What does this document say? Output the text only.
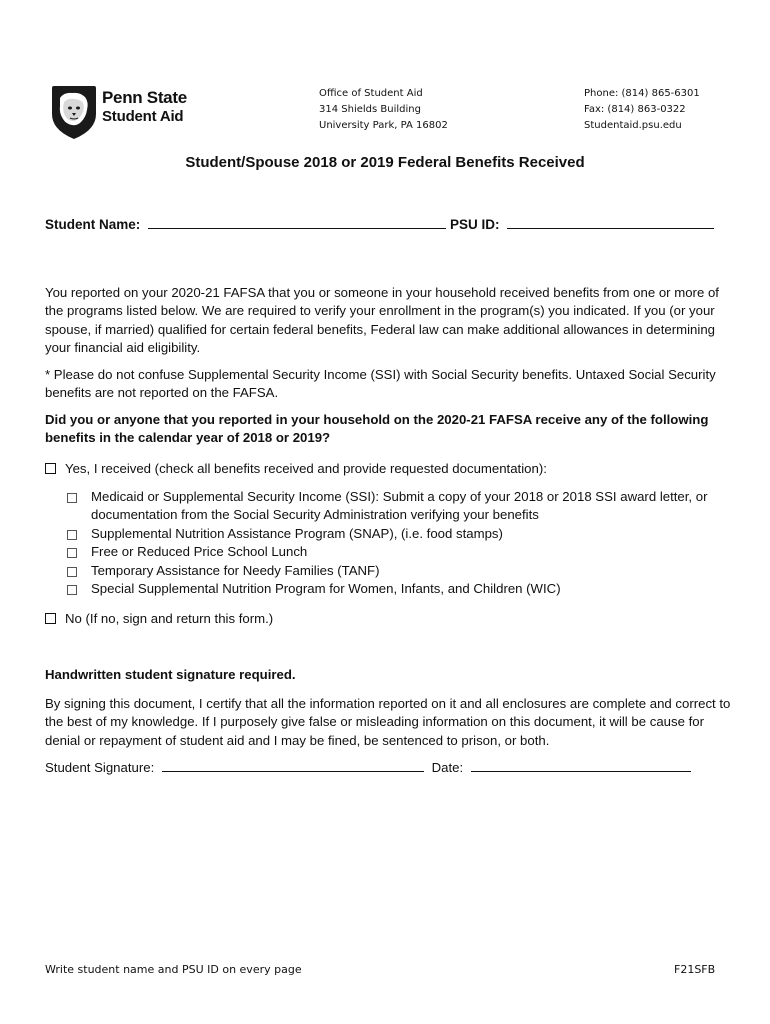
Penn State
Student Aid
Office of Student Aid
314 Shields Building
University Park, PA 16802
Phone: (814) 865-6301
Fax: (814) 863-0322
Studentaid.psu.edu
Student/Spouse 2018 or 2019 Federal Benefits Received
Student Name:	PSU ID:

You reported on your 2020-21 FAFSA that you or someone in your household received benefits from one or more of the programs listed below. We are required to verify your enrollment in the program(s) you indicated. If you (or your spouse, if married) qualified for certain federal benefits, Federal law can make additional allowances in determining your financial aid eligibility.

* Please do not confuse Supplemental Security Income (SSI) with Social Security benefits. Untaxed Social Security benefits are not reported on the FAFSA.

Did you or anyone that you reported in your household on the 2020-21 FAFSA receive any of the following benefits in the calendar year of 2018 or 2019?

Yes, I received (check all benefits received and provide requested documentation):
Medicaid or Supplemental Security Income (SSI): Submit a copy of your 2018 or 2018 SSI award letter, or documentation from the Social Security Administration verifying your benefits
Supplemental Nutrition Assistance Program (SNAP), (i.e. food stamps)
Free or Reduced Price School Lunch
Temporary Assistance for Needy Families (TANF)
Special Supplemental Nutrition Program for Women, Infants, and Children (WIC)
No (If no, sign and return this form.)
Handwritten student signature required.

By signing this document, I certify that all the information reported on it and all enclosures are complete and correct to the best of my knowledge. If I purposely give false or misleading information on this document, it will be cause for denial or repayment of student aid and I may be fined, be sentenced to prison, or both.

Student Signature:	Date:
Write student name and PSU ID on every page	F21SFB
